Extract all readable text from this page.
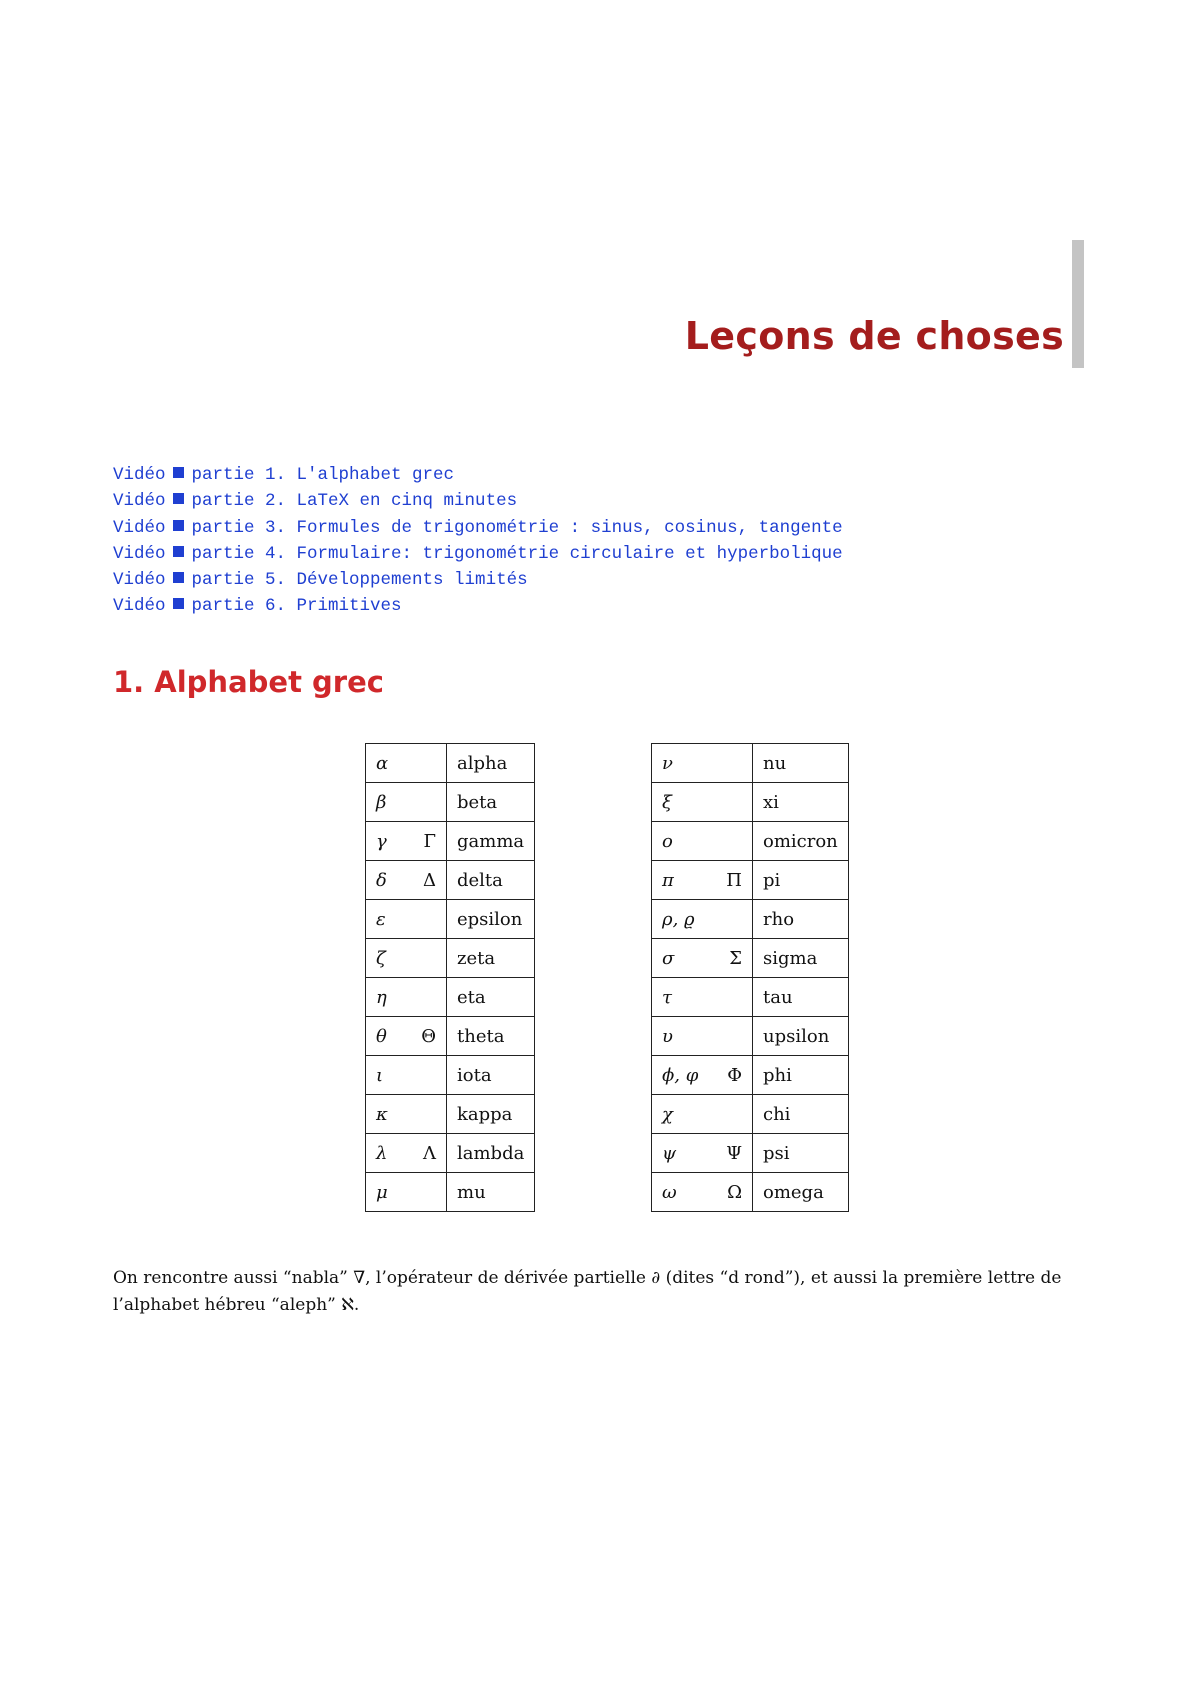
Leçons de choses
Vidéo partie 1. L'alphabet grec
Vidéo partie 2. LaTeX en cinq minutes
Vidéo partie 3. Formules de trigonométrie : sinus, cosinus, tangente
Vidéo partie 4. Formulaire: trigonométrie circulaire et hyperbolique
Vidéo partie 5. Développements limités
Vidéo partie 6. Primitives
1. Alphabet grec
α	alpha
β	beta
γ Γ	gamma
δ Δ	delta
ε	epsilon
ζ	zeta
η	eta
θ Θ	theta
ι	iota
κ	kappa
λ Λ	lambda
μ	mu
ν	nu
ξ	xi
ο	omicron
π Π	pi
ρ, ϱ	rho
σ Σ	sigma
τ	tau
υ	upsilon
ϕ, φ Φ	phi
χ	chi
ψ Ψ	psi
ω Ω	omega

On rencontre aussi “nabla” ∇, l’opérateur de dérivée partielle ∂ (dites “d rond”), et aussi la première lettre de l’alphabet hébreu “aleph” ℵ.
